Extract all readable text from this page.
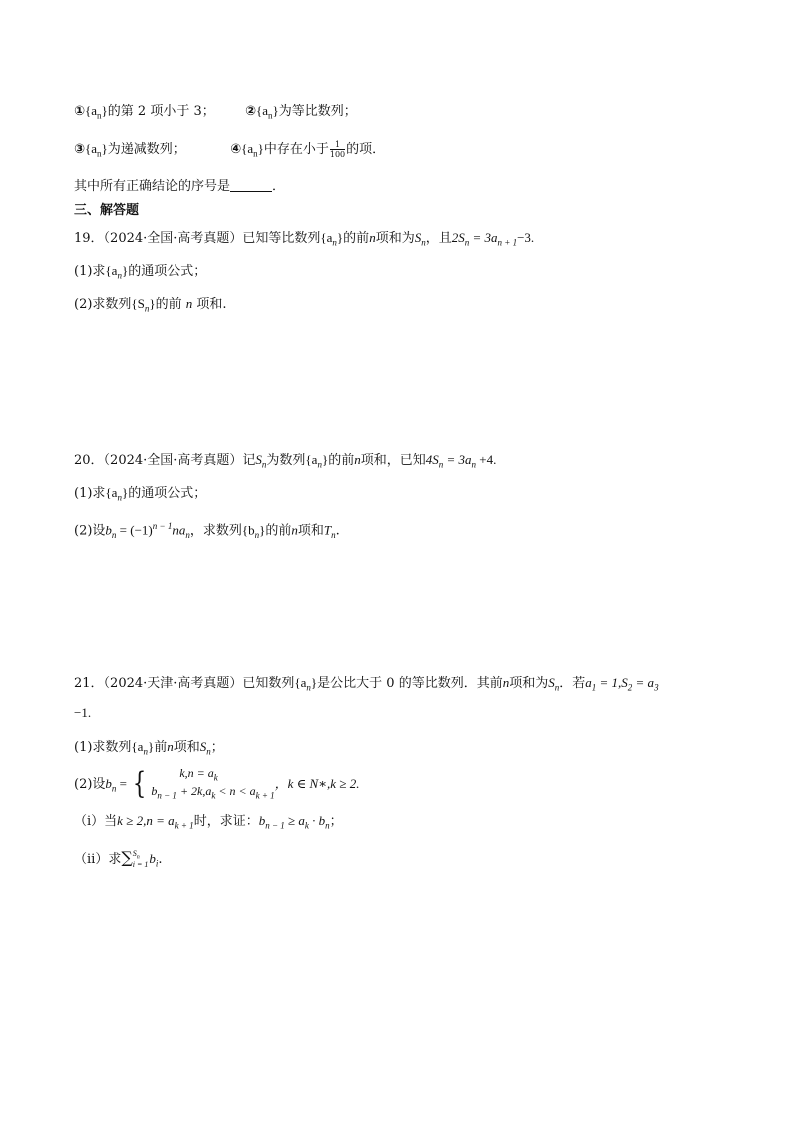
$①\{a_n\}$的第 2 项小于 3； $②\{a_n\}$为等比数列；
$③\{a_n\}$为递减数列；	$④\{a_n\}$中存在小于 $\frac{1}{100}$ 的项．
其中所有正确结论的序号是	．
三、解答题
19．（2024·全国·高考真题）已知等比数列$\{a_n\}$的前n项和为$S_n$，且$2S_n = 3a_{n + 1}-3$.
(1)求$\{a_n\}$的通项公式；
(2)求数列$\{S_n\}$的前 n 项和.
20．（2024·全国·高考真题）记$S_n$为数列$\{a_n\}$的前n项和，已知$4S_n = 3a_n +4$.
(1)求$\{a_n\}$的通项公式；
(2)设$b_n = (-1)^{n - 1}na_n$，求数列$\{b_n\}$的前n项和$T_n$.
21．（2024·天津·高考真题）已知数列$\{a_n\}$是公比大于 0 的等比数列．其前n项和为$S_n$．若$a_1 = 1,S_2 = a_3$
−1.
(1)求数列$\{a_n\}$前n项和$S_n$；
(2)设$b_n$ = {	$k,n = a_k$
$b_{n - 1} + 2k,a_k < n < a_{k + 1}$
，k ∈ N∗,k ≥ 2.
（ⅰ）当$k \ge 2,n = a_{k + 1}$时，求证：$b_{n - 1} \ge a_k \cdot b_n$；
（ⅱ）求∑ $S_n$
i = 1 $b_i$.
